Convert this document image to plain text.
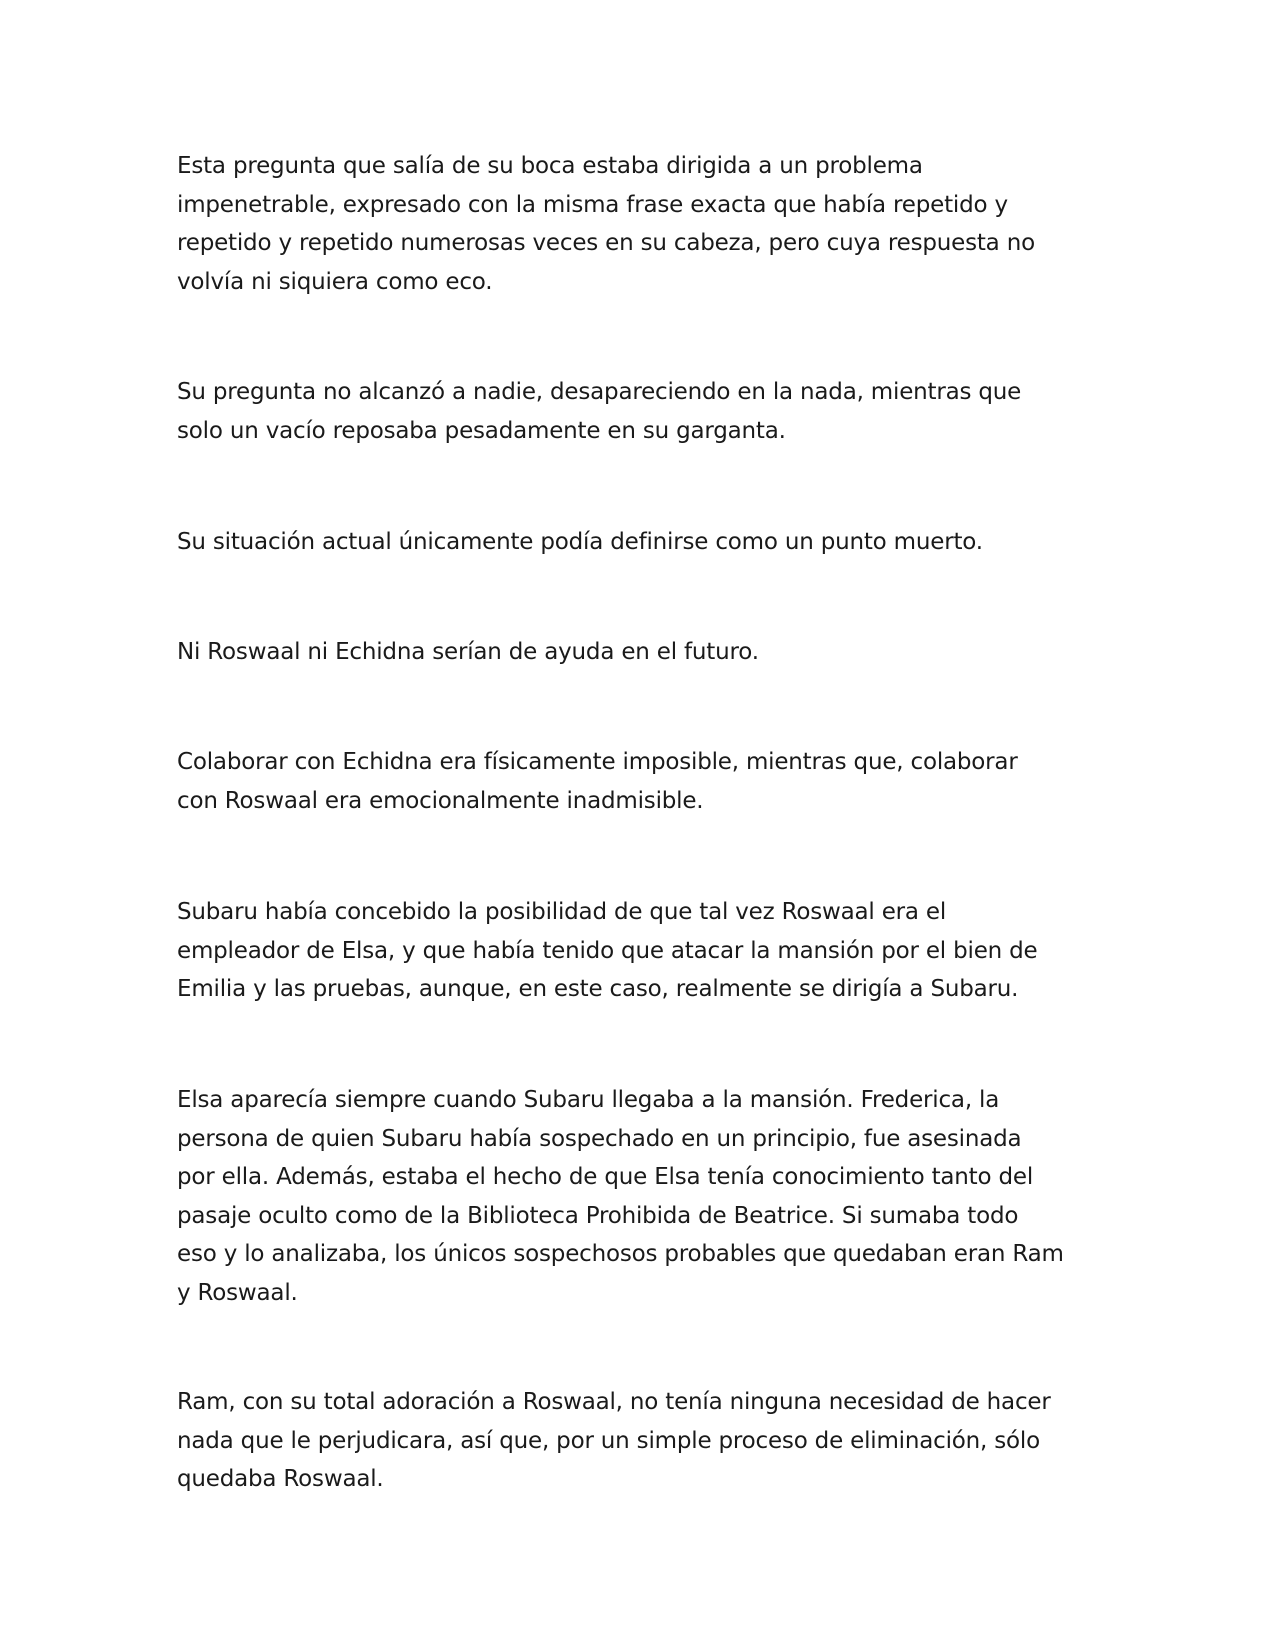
Esta pregunta que salía de su boca estaba dirigida a un problema
impenetrable, expresado con la misma frase exacta que había repetido y
repetido y repetido numerosas veces en su cabeza, pero cuya respuesta no
volvía ni siquiera como eco.

Su pregunta no alcanzó a nadie, desapareciendo en la nada, mientras que
solo un vacío reposaba pesadamente en su garganta.

Su situación actual únicamente podía definirse como un punto muerto.

Ni Roswaal ni Echidna serían de ayuda en el futuro.

Colaborar con Echidna era físicamente imposible, mientras que, colaborar
con Roswaal era emocionalmente inadmisible.

Subaru había concebido la posibilidad de que tal vez Roswaal era el
empleador de Elsa, y que había tenido que atacar la mansión por el bien de
Emilia y las pruebas, aunque, en este caso, realmente se dirigía a Subaru.

Elsa aparecía siempre cuando Subaru llegaba a la mansión. Frederica, la
persona de quien Subaru había sospechado en un principio, fue asesinada
por ella. Además, estaba el hecho de que Elsa tenía conocimiento tanto del
pasaje oculto como de la Biblioteca Prohibida de Beatrice. Si sumaba todo
eso y lo analizaba, los únicos sospechosos probables que quedaban eran Ram
y Roswaal.

Ram, con su total adoración a Roswaal, no tenía ninguna necesidad de hacer
nada que le perjudicara, así que, por un simple proceso de eliminación, sólo
quedaba Roswaal.
